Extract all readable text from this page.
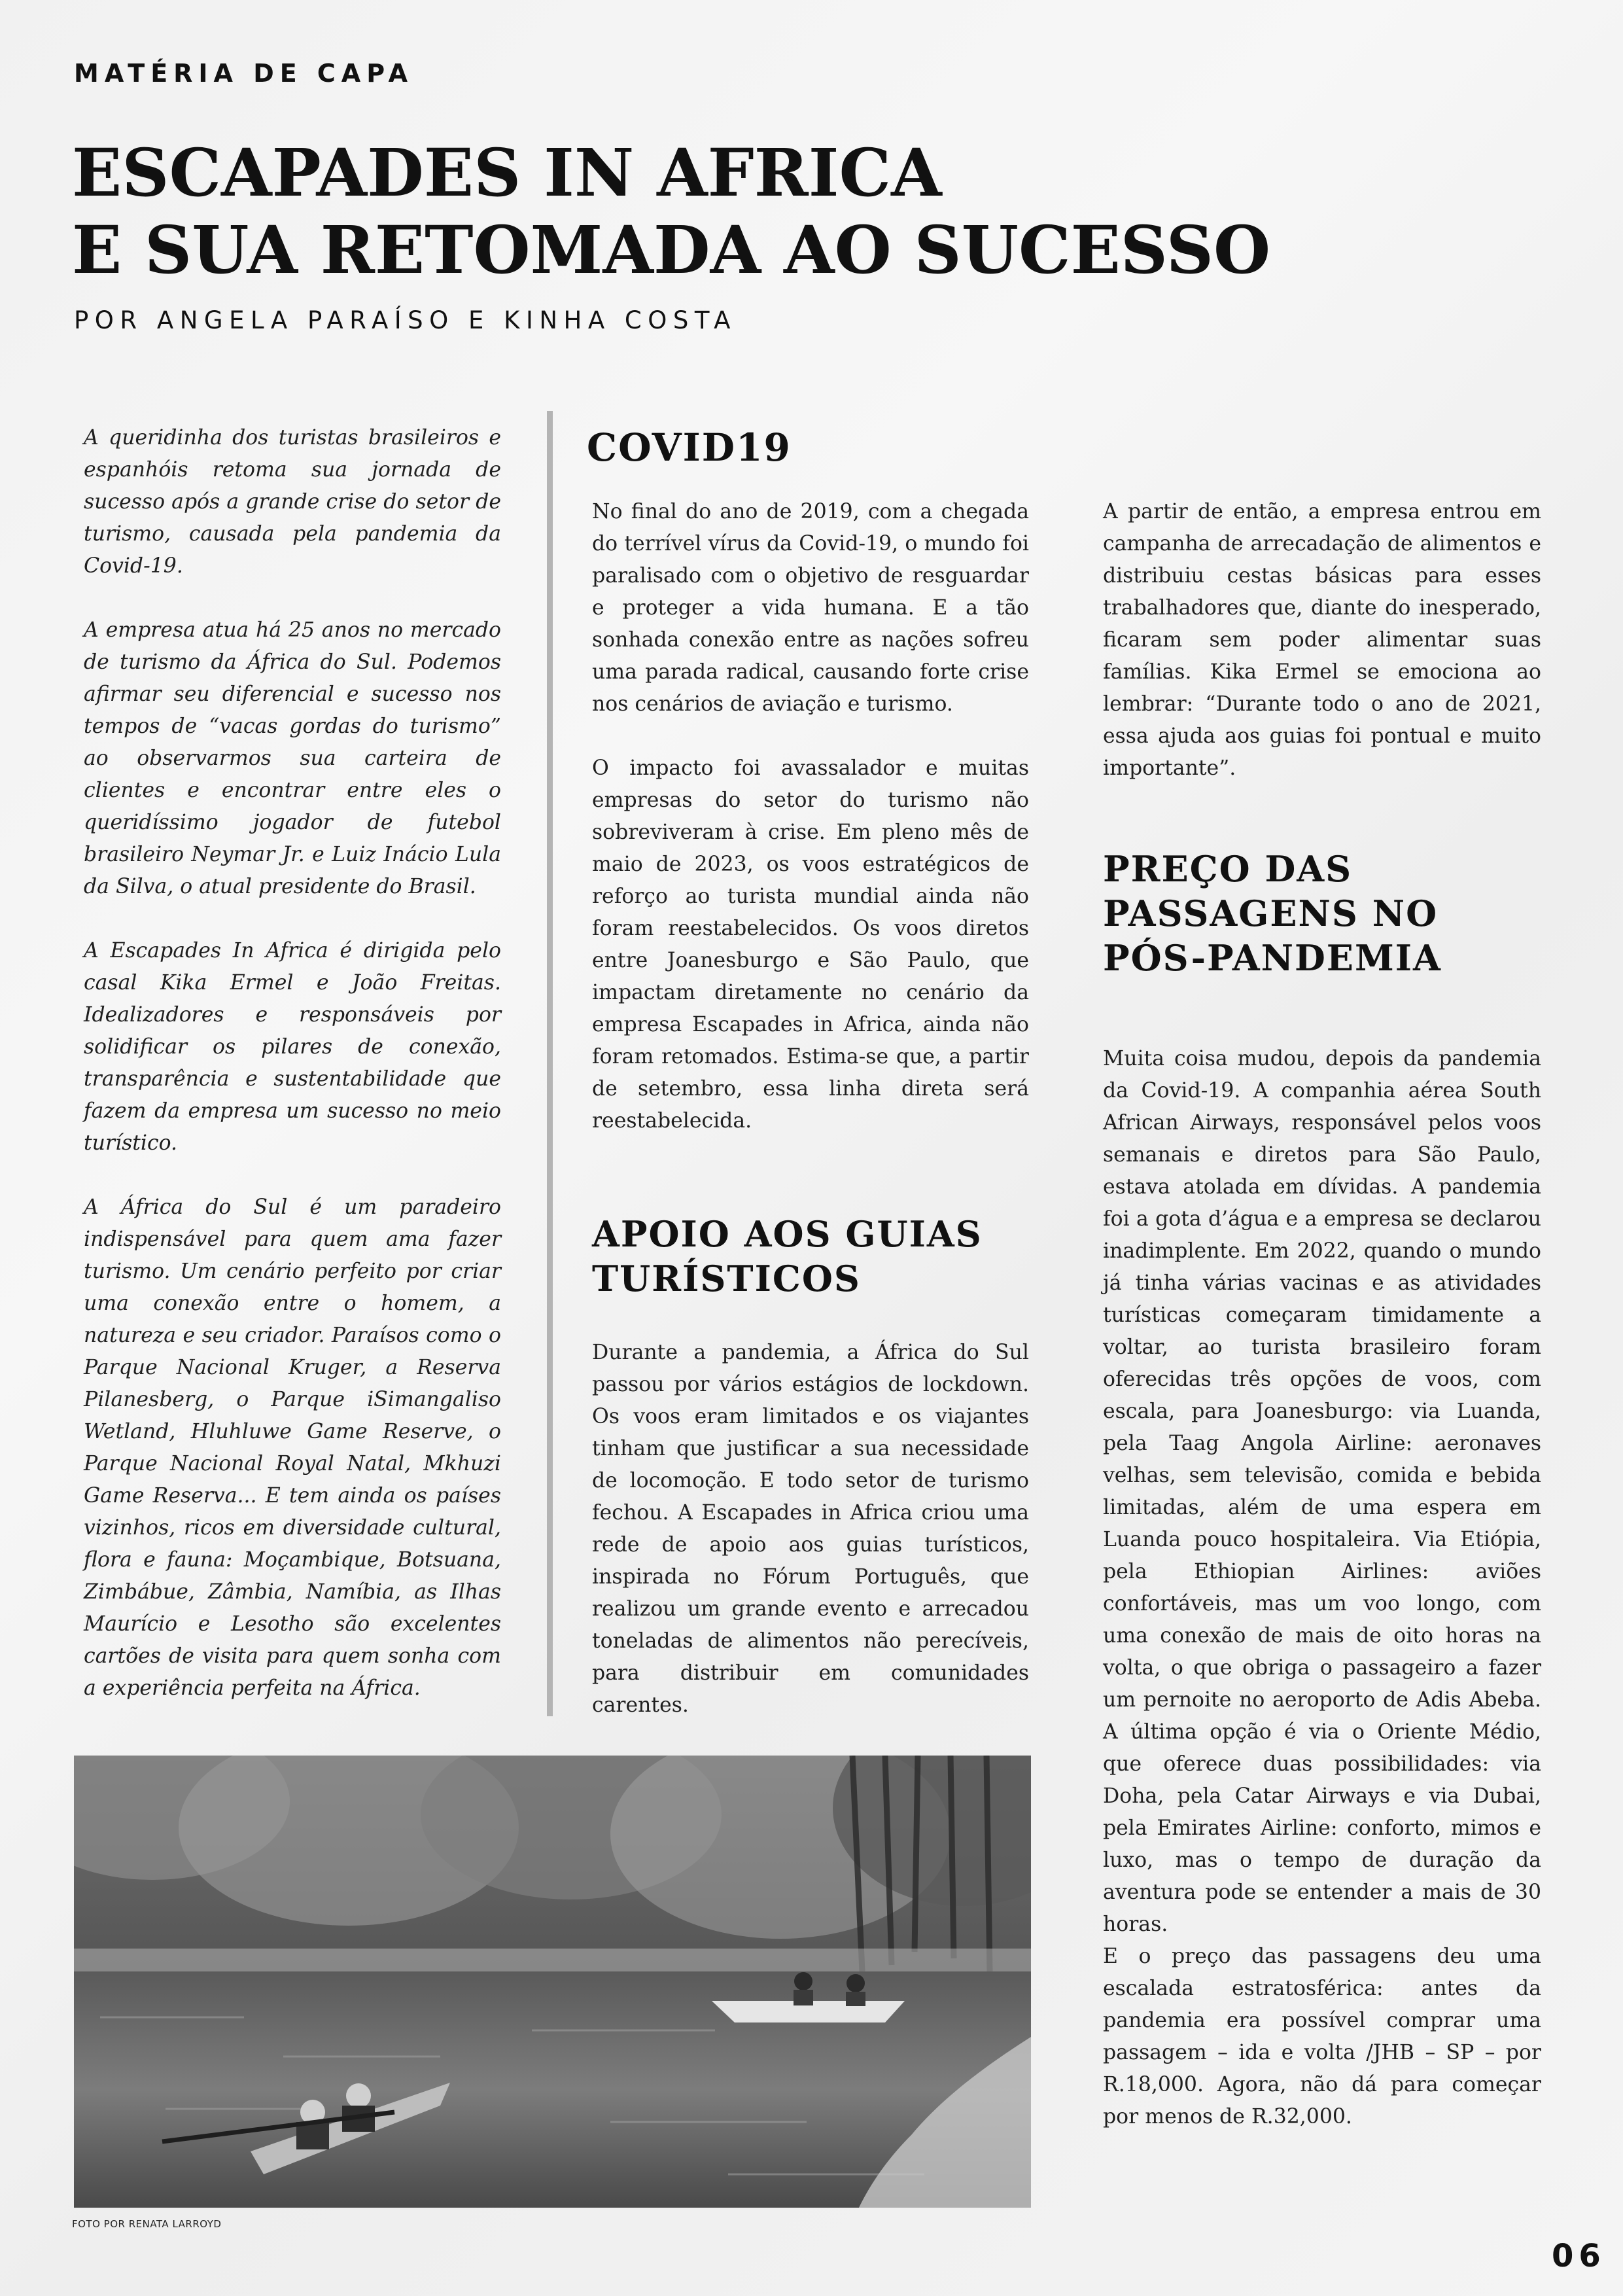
MATÉRIA DE CAPA
ESCAPADES IN AFRICA
E SUA RETOMADA AO SUCESSO
POR ANGELA PARAÍSO E KINHA COSTA

A queridinha dos turistas brasileiros e espanhóis retoma sua jornada de sucesso após a grande crise do setor de turismo, causada pela pandemia da Covid-19.

A empresa atua há 25 anos no mercado de turismo da África do Sul. Podemos afirmar seu diferencial e sucesso nos tempos de “vacas gordas do turismo” ao observarmos sua carteira de clientes e encontrar entre eles o queridíssimo jogador de futebol brasileiro Neymar Jr. e Luiz Inácio Lula da Silva, o atual presidente do Brasil.

A Escapades In Africa é dirigida pelo casal Kika Ermel e João Freitas. Idealizadores e responsáveis por solidificar os pilares de conexão, transparência e sustentabilidade que fazem da empresa um sucesso no meio turístico.

A África do Sul é um paradeiro indispensável para quem ama fazer turismo. Um cenário perfeito por criar uma conexão entre o homem, a natureza e seu criador. Paraísos como o Parque Nacional Kruger, a Reserva Pilanesberg, o Parque iSimangaliso Wetland, Hluhluwe Game Reserve, o Parque Nacional Royal Natal, Mkhuzi Game Reserva... E tem ainda os países vizinhos, ricos em diversidade cultural, flora e fauna: Moçambique, Botsuana, Zimbábue, Zâmbia, Namíbia, as Ilhas Maurício e Lesotho são excelentes cartões de visita para quem sonha com a experiência perfeita na África.

COVID19

No final do ano de 2019, com a chegada do terrível vírus da Covid-19, o mundo foi paralisado com o objetivo de resguardar e proteger a vida humana. E a tão sonhada conexão entre as nações sofreu uma parada radical, causando forte crise nos cenários de aviação e turismo.

O impacto foi avassalador e muitas empresas do setor do turismo não sobreviveram à crise. Em pleno mês de maio de 2023, os voos estratégicos de reforço ao turista mundial ainda não foram reestabelecidos. Os voos diretos entre Joanesburgo e São Paulo, que impactam diretamente no cenário da empresa Escapades in Africa, ainda não foram retomados. Estima-se que, a partir de setembro, essa linha direta será reestabelecida.

APOIO AOS GUIAS TURÍSTICOS

Durante a pandemia, a África do Sul passou por vários estágios de lockdown. Os voos eram limitados e os viajantes tinham que justificar a sua necessidade de locomoção. E todo setor de turismo fechou. A Escapades in Africa criou uma rede de apoio aos guias turísticos, inspirada no Fórum Português, que realizou um grande evento e arrecadou toneladas de alimentos não perecíveis, para distribuir em comunidades carentes.

A partir de então, a empresa entrou em campanha de arrecadação de alimentos e distribuiu cestas básicas para esses trabalhadores que, diante do inesperado, ficaram sem poder alimentar suas famílias. Kika Ermel se emociona ao lembrar: “Durante todo o ano de 2021, essa ajuda aos guias foi pontual e muito importante”.

PREÇO DAS
PASSAGENS NO
PÓS-PANDEMIA
Muita coisa mudou, depois da pandemia da Covid-19. A companhia aérea South African Airways, responsável pelos voos semanais e diretos para São Paulo, estava atolada em dívidas. A pandemia foi a gota d’água e a empresa se declarou inadimplente. Em 2022, quando o mundo já tinha várias vacinas e as atividades turísticas começaram timidamente a voltar, ao turista brasileiro foram oferecidas três opções de voos, com escala, para Joanesburgo: via Luanda, pela Taag Angola Airline: aeronaves velhas, sem televisão, comida e bebida limitadas, além de uma espera em Luanda pouco hospitaleira. Via Etiópia, pela Ethiopian Airlines: aviões confortáveis, mas um voo longo, com uma conexão de mais de oito horas na volta, o que obriga o passageiro a fazer um pernoite no aeroporto de Adis Abeba. A última opção é via o Oriente Médio, que oferece duas possibilidades: via Doha, pela Catar Airways e via Dubai, pela Emirates Airline: conforto, mimos e luxo, mas o tempo de duração da aventura pode se entender a mais de 30 horas.
E o preço das passagens deu uma escalada estratosférica: antes da pandemia era possível comprar uma passagem – ida e volta /JHB – SP – por R.18,000. Agora, não dá para começar por menos de R.32,000.
FOTO POR RENATA LARROYD
06
